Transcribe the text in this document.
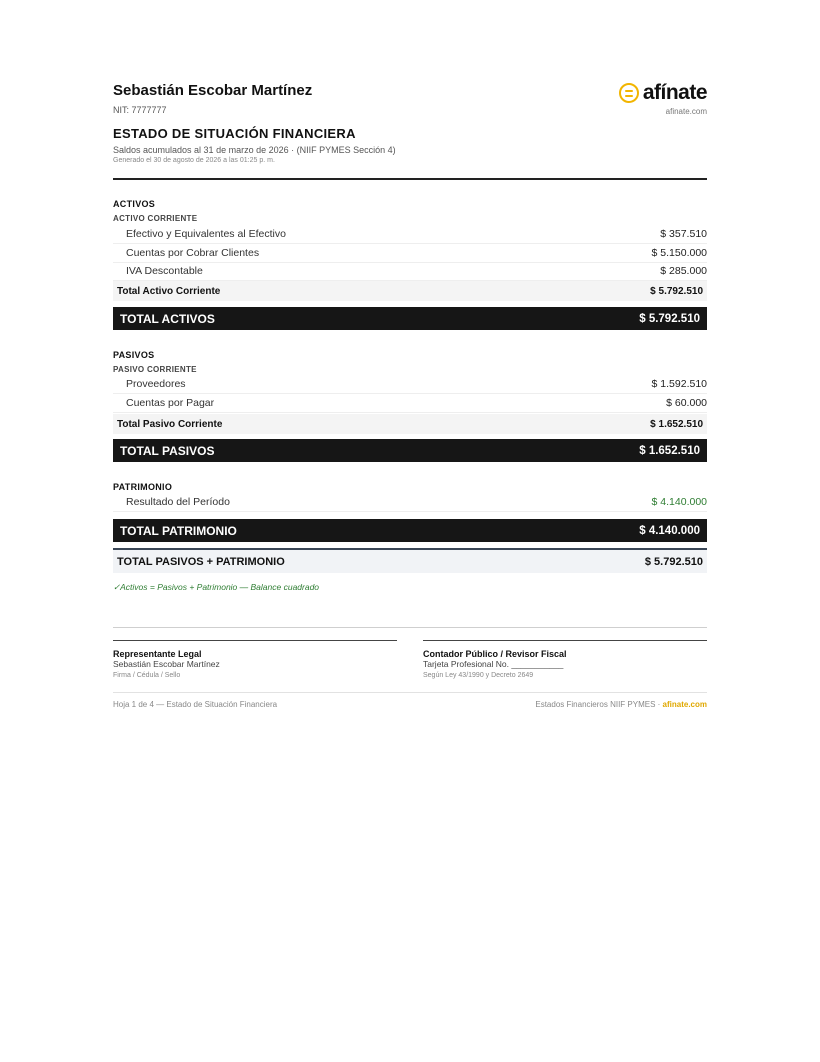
Sebastián Escobar Martínez
NIT: 7777777
afínate
afinate.com
ESTADO DE SITUACIÓN FINANCIERA
Saldos acumulados al 31 de marzo de 2026 · (NIIF PYMES Sección 4)
Generado el 30 de agosto de 2026 a las 01:25 p. m.
ACTIVOS
ACTIVO CORRIENTE
Efectivo y Equivalentes al Efectivo	$ 357.510
Cuentas por Cobrar Clientes	$ 5.150.000
IVA Descontable	$ 285.000
Total Activo Corriente	$ 5.792.510
TOTAL ACTIVOS	$ 5.792.510
PASIVOS
PASIVO CORRIENTE
Proveedores	$ 1.592.510
Cuentas por Pagar	$ 60.000
Total Pasivo Corriente	$ 1.652.510
TOTAL PASIVOS	$ 1.652.510
PATRIMONIO
Resultado del Período	$ 4.140.000
TOTAL PATRIMONIO	$ 4.140.000
TOTAL PASIVOS + PATRIMONIO	$ 5.792.510
✓Activos = Pasivos + Patrimonio — Balance cuadrado
Representante Legal
Sebastián Escobar Martínez
Firma / Cédula / Sello
Contador Público / Revisor Fiscal
Tarjeta Profesional No. ___________
Según Ley 43/1990 y Decreto 2649
Hoja 1 de 4 — Estado de Situación Financiera	Estados Financieros NIIF PYMES · afinate.com
